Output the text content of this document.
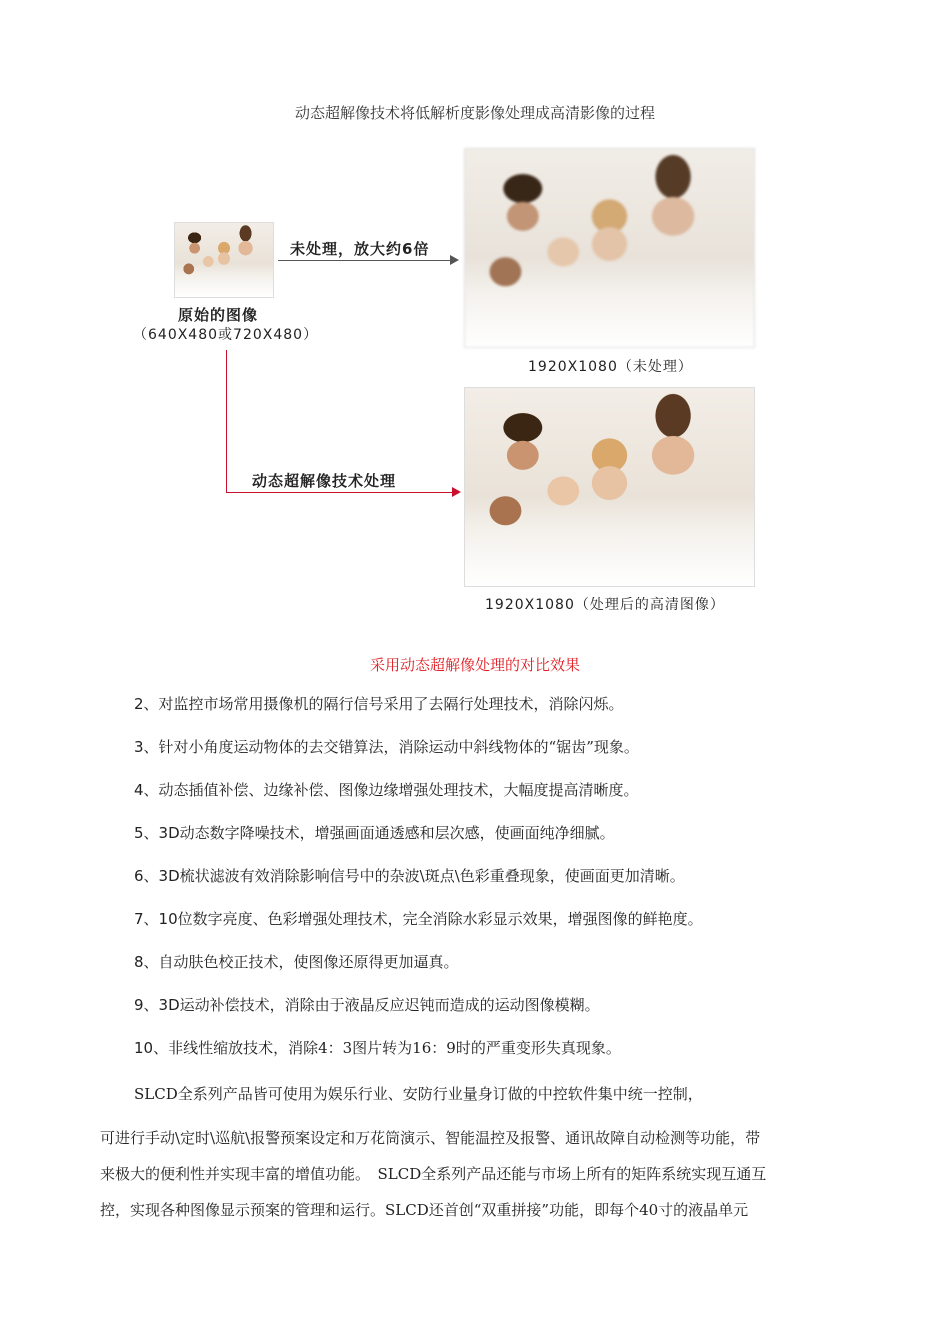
动态超解像技术将低解析度影像处理成高清影像的过程
原始的图像
（640X480或720X480）
未处理，放大约6倍
1920X1080（未处理）
动态超解像技术处理
1920X1080（处理后的高清图像）
采用动态超解像处理的对比效果
2、对监控市场常用摄像机的隔行信号采用了去隔行处理技术，消除闪烁。
3、针对小角度运动物体的去交错算法，消除运动中斜线物体的“锯齿”现象。
4、动态插值补偿、边缘补偿、图像边缘增强处理技术，大幅度提高清晰度。
5、3D动态数字降噪技术，增强画面通透感和层次感，使画面纯净细腻。
6、3D梳状滤波有效消除影响信号中的杂波\斑点\色彩重叠现象，使画面更加清晰。
7、10位数字亮度、色彩增强处理技术，完全消除水彩显示效果，增强图像的鲜艳度。
8、自动肤色校正技术，使图像还原得更加逼真。
9、3D运动补偿技术，消除由于液晶反应迟钝而造成的运动图像模糊。
10、非线性缩放技术，消除4：3图片转为16：9时的严重变形失真现象。
SLCD全系列产品皆可使用为娱乐行业、安防行业量身订做的中控软件集中统一控制，
可进行手动\定时\巡航\报警预案设定和万花筒演示、智能温控及报警、通讯故障自动检测等功能，带
来极大的便利性并实现丰富的增值功能。　SLCD全系列产品还能与市场上所有的矩阵系统实现互通互
控，实现各种图像显示预案的管理和运行。SLCD还首创“双重拼接”功能，即每个40寸的液晶单元
